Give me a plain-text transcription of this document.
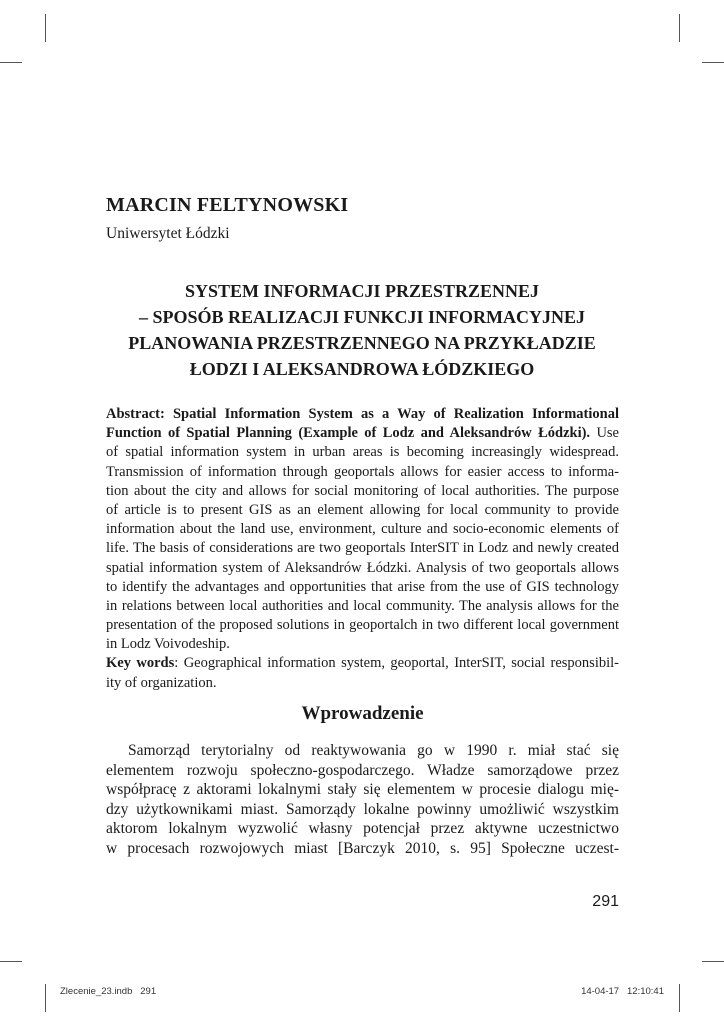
MARCIN FELTYNOWSKI
Uniwersytet Łódzki
SYSTEM INFORMACJI PRZESTRZENNEJ
– SPOSÓB REALIZACJI FUNKCJI INFORMACYJNEJ
PLANOWANIA PRZESTRZENNEGO NA PRZYKŁADZIE
ŁODZI I ALEKSANDROWA ŁÓDZKIEGO
Abstract: Spatial Information System as a Way of Realization Informational
Function of Spatial Planning (Example of Lodz and Aleksandrów Łódzki). Use
of spatial information system in urban areas is becoming increasingly widespread.
Transmission of information through geoportals allows for easier access to informa-
tion about the city and allows for social monitoring of local authorities. The purpose
of article is to present GIS as an element allowing for local community to provide
information about the land use, environment, culture and socio-economic elements of
life. The basis of considerations are two geoportals InterSIT in Lodz and newly created
spatial information system of Aleksandrów Łódzki. Analysis of two geoportals allows
to identify the advantages and opportunities that arise from the use of GIS technology
in relations between local authorities and local community. The analysis allows for the
presentation of the proposed solutions in geoportalch in two different local government
in Lodz Voivodeship.
Key words: Geographical information system, geoportal, InterSIT, social responsibil-
ity of organization.
Wprowadzenie
Samorząd terytorialny od reaktywowania go w 1990 r. miał stać się
elementem rozwoju społeczno-gospodarczego. Władze samorządowe przez
współpracę z aktorami lokalnymi stały się elementem w procesie dialogu mię-
dzy użytkownikami miast. Samorządy lokalne powinny umożliwić wszystkim
aktorom lokalnym wyzwolić własny potencjał przez aktywne uczestnictwo
w procesach rozwojowych miast [Barczyk 2010, s. 95] Społeczne uczest-
291
Zlecenie_23.indb   291	14-04-17   12:10:41
